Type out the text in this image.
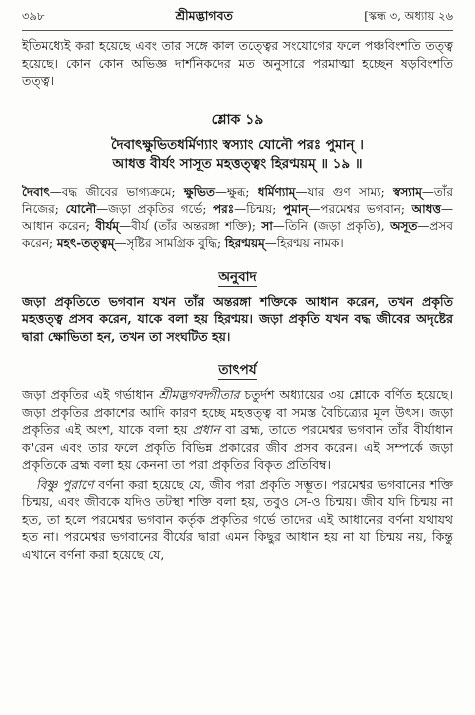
৩৯৮	শ্রীমদ্ভাগবত	[স্কন্ধ ৩, অধ্যায় ২৬

ইতিমধ্যেই করা হয়েছে এবং তার সঙ্গে কাল তত্ত্বের সংযোগের ফলে পঞ্চবিংশতি তত্ত্ব হয়েছে। কোন কোন অভিজ্ঞ দার্শনিকদের মত অনুসারে পরমাত্মা হচ্ছেন ষড়বিংশতি তত্ত্ব।

শ্লোক ১৯
দৈবাৎক্ষুভিতধর্মিণ্যাং স্বস্যাং যোনৌ পরঃ পুমান্ ।
আধত্ত বীর্যং সাসূত মহত্তত্ত্বং হিরণ্ময়ম্ ॥ ১৯ ॥
দৈবাৎ—বদ্ধ জীবের ভাগ্যক্রমে; ক্ষুভিত—ক্ষুব্ধ; ধর্মিণ্যাম্—যার গুণ সাম্য; স্বস্যাম্—তাঁর নিজের; যোনৌ—জড়া প্রকৃতির গর্ভে; পরঃ—চিন্ময়; পুমান্—পরমেশ্বর ভগবান; আধত্ত—আধান করেন; বীর্যম্—বীর্য (তাঁর অন্তরঙ্গা শক্তি); সা—তিনি (জড়া প্রকৃতি), অসূত—প্রসব করেন; মহৎ-তত্ত্বম্—সৃষ্টির সামগ্রিক বুদ্ধি; হিরণ্ময়ম্—হিরণ্ময় নামক।
অনুবাদ

জড়া প্রকৃতিতে ভগবান যখন তাঁর অন্তরঙ্গা শক্তিকে আধান করেন, তখন প্রকৃতি মহত্তত্ত্ব প্রসব করেন, যাকে বলা হয় হিরণ্ময়। জড়া প্রকৃতি যখন বদ্ধ জীবের অদৃষ্টের দ্বারা ক্ষোভিতা হন, তখন তা সংঘটিত হয়।

তাৎপর্য

জড়া প্রকৃতির এই গর্ভাধান শ্রীমদ্ভগবদ্গীতার চতুর্দশ অধ্যায়ের ৩য় শ্লোকে বর্ণিত হয়েছে। জড়া প্রকৃতির প্রকাশের আদি কারণ হচ্ছে মহত্তত্ত্ব বা সমস্ত বৈচিত্র্যের মূল উৎস। জড়া প্রকৃতির এই অংশ, যাকে বলা হয় প্রধান বা ব্রহ্ম, তাতে পরমেশ্বর ভগবান তাঁর বীর্যাধান ক'রেন এবং তার ফলে প্রকৃতি বিভিন্ন প্রকারের জীব প্রসব করেন। এই সম্পর্কে জড়া প্রকৃতিকে ব্রহ্ম বলা হয় কেননা তা পরা প্রকৃতির বিকৃত প্রতিবিম্ব।

বিষ্ণু পুরাণে বর্ণনা করা হয়েছে যে, জীব পরা প্রকৃতি সম্ভূত। পরমেশ্বর ভগবানের শক্তি চিন্ময়, এবং জীবকে যদিও তটস্থা শক্তি বলা হয়, তবুও সে-ও চিন্ময়। জীব যদি চিন্ময় না হত, তা হলে পরমেশ্বর ভগবান কর্তৃক প্রকৃতির গর্ভে তাদের এই আধানের বর্ণনা যথাযথ হত না। পরমেশ্বর ভগবানের বীর্যের দ্বারা এমন কিছুর আধান হয় না যা চিন্ময় নয়, কিন্তু এখানে বর্ণনা করা হয়েছে যে,
